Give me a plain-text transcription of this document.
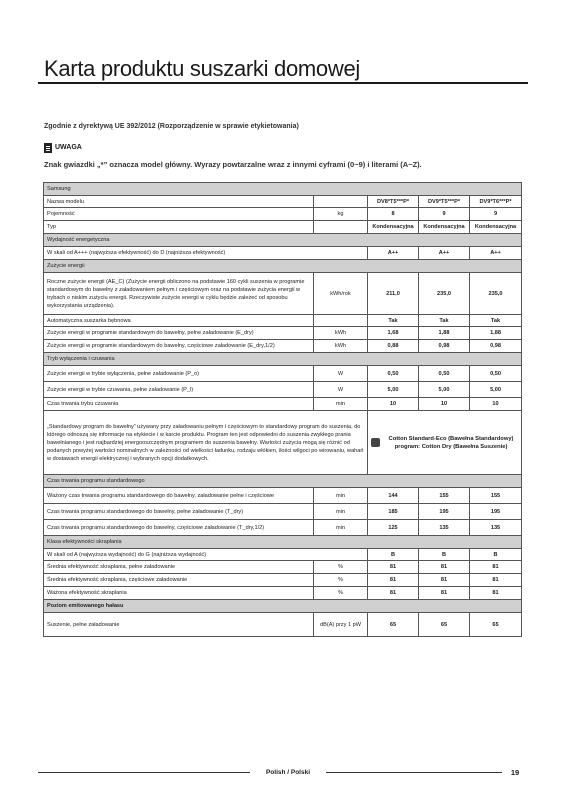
Karta produktu suszarki domowej
Zgodnie z dyrektywą UE 392/2012 (Rozporządzenie w sprawie etykietowania)
UWAGA
Znak gwiazdki „*” oznacza model główny. Wyrazy powtarzalne wraz z innymi cyframi (0~9) i literami (A~Z).
Samsung				
Nazwa modelu		DV8*T5***P*	DV9*T5***P*	DV9*T6***P*
Pojemność	kg	8	9	9
Typ		Kondensacyjna	Kondensacyjna	Kondensacyjna
Wydajność energetyczna				
W skali od A+++ (najwyższa efektywność) do D (najniższa efektywność)		A++	A++	A++
Zużycie energii				
Roczne zużycie energii (AE_C) (Zużycie energii obliczono na podstawie 160 cykli suszenia w programie standardowym do bawełny z załadowaniem pełnym i częściowym oraz na podstawie zużycia energii w trybach o niskim zużyciu energii. Rzeczywiste zużycie energii w cyklu będzie zależeć od sposobu wykorzystania urządzenia).	kWh/rok	211,0	235,0	235,0
Automatyczna suszarka bębnowa		Tak	Tak	Tak
Zużycie energii w programie standardowym do bawełny, pełne załadowanie (E_dry)	kWh	1,68	1,88	1,88
Zużycie energii w programie standardowym do bawełny, częściowe załadowanie (E_dry,1/2)	kWh	0,88	0,98	0,98
Tryb wyłączenia i czuwania				
Zużycie energii w trybie wyłączenia, pełne załadowanie (P_o)	W	0,50	0,50	0,50
Zużycie energii w trybie czuwania, pełne załadowanie (P_l)	W	5,00	5,00	5,00
Czas trwania trybu czuwania	min	10	10	10
„Standardowy program do bawełny” używany przy załadowaniu pełnym i częściowym to standardowy program do suszenia, do którego odnoszą się informacje na etykiecie i w karcie produktu. Program ten jest odpowiedni do suszenia zwykłego prania bawełnianego i jest najbardziej energooszczędnym programem do suszenia bawełny. Wartości zużycia mogą się różnić od podanych powyżej wartości nominalnych w zależności od wielkości ładunku, rodzaju włókien, ilości wilgoci po wirowaniu, wahań w dostawach energii elektrycznej i wybranych opcji dodatkowych.		Cotton Standard-Eco (Bawełna Standardowy) program: Cotton Dry (Bawełna Suszenie)		

Czas trwania programu standardowego				
Ważony czas trwania programu standardowego do bawełny, załadowanie pełne i częściowe	min	144	155	155
Czas trwania programu standardowego do bawełny, pełne załadowanie (T_dry)	min	185	195	195
Czas trwania programu standardowego do bawełny, częściowe załadowanie (T_dry,1/2)	min	125	135	135
Klasa efektywności skraplania				
W skali od A (najwyższa wydajność) do G (najniższa wydajność)		B	B	B
Średnia efektywność skraplania, pełne załadowanie	%	81	81	81
Średnia efektywność skraplania, częściowe załadowanie	%	81	81	81
Ważona efektywność skraplania	%	81	81	81
Poziom emitowanego hałasu				
Suszenie, pełne załadowanie	dB(A) przy 1 pW	65	65	65
Polish / Polski	19
